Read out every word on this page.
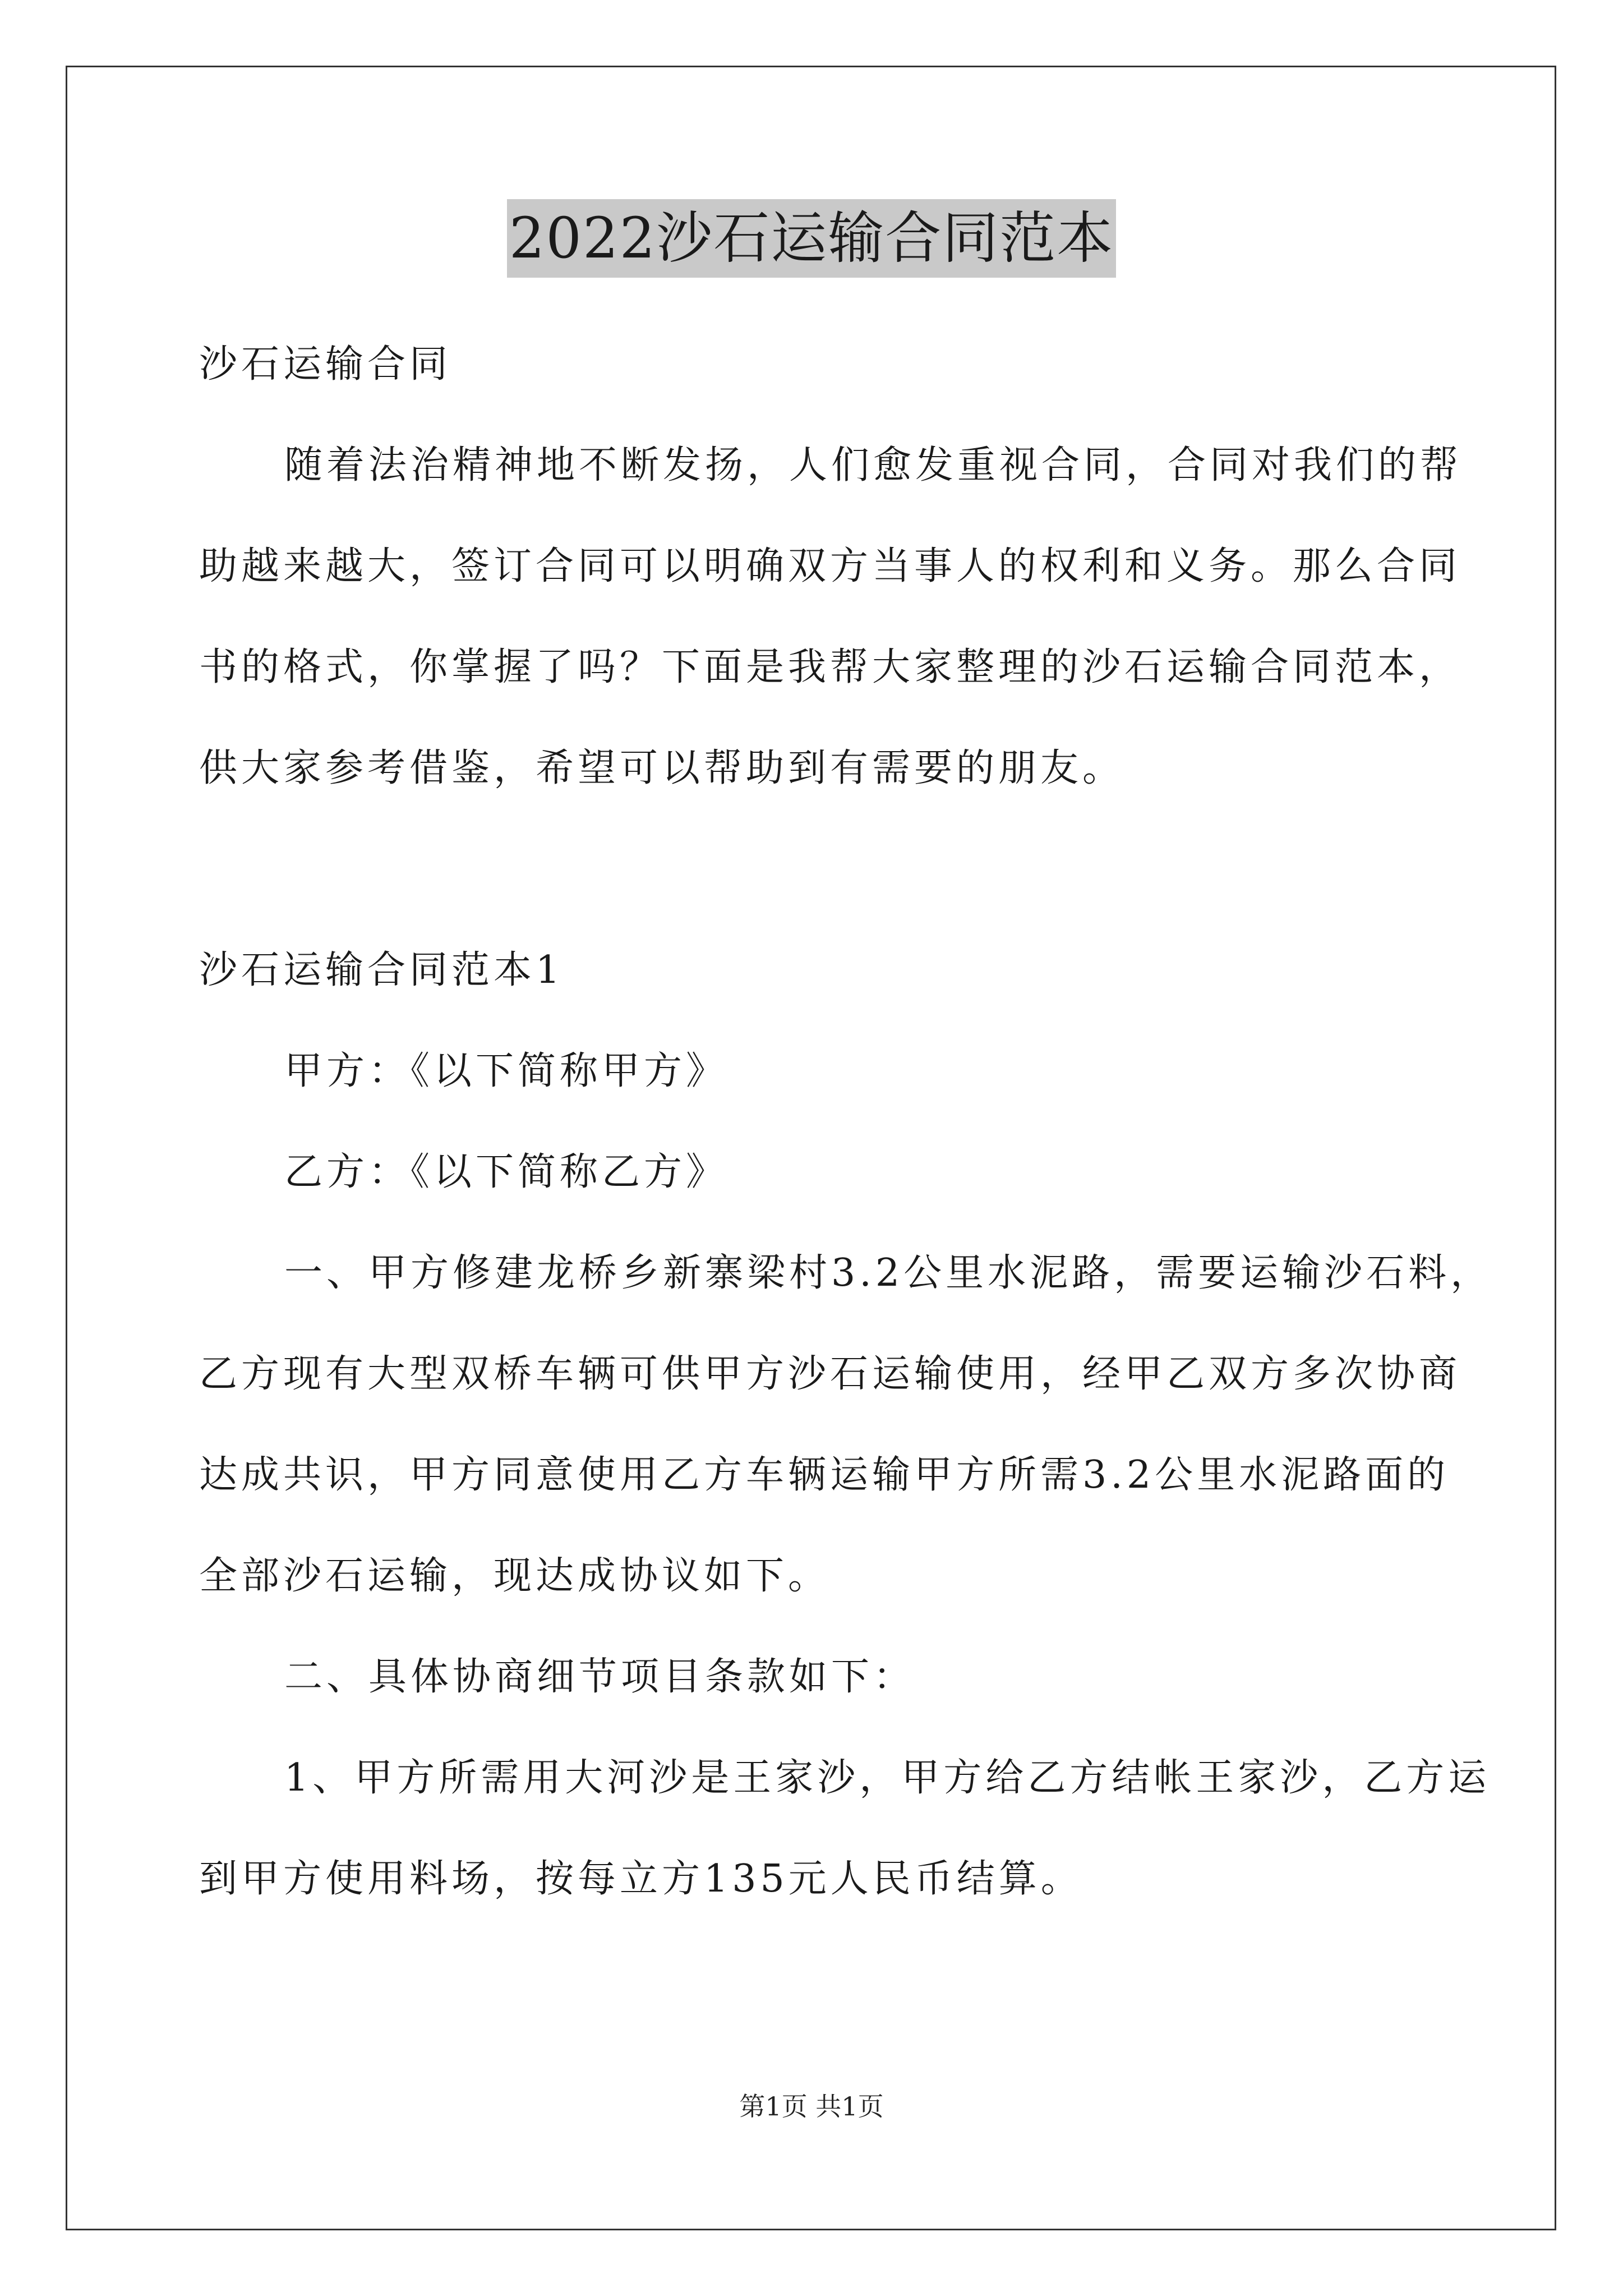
2022沙石运输合同范本
沙石运输合同
随着法治精神地不断发扬，人们愈发重视合同，合同对我们的帮
助越来越大，签订合同可以明确双方当事人的权利和义务。那么合同
书的格式，你掌握了吗？下面是我帮大家整理的沙石运输合同范本，
供大家参考借鉴，希望可以帮助到有需要的朋友。
沙石运输合同范本1
甲方：《以下简称甲方》
乙方：《以下简称乙方》
一、甲方修建龙桥乡新寨梁村3.2公里水泥路，需要运输沙石料，
乙方现有大型双桥车辆可供甲方沙石运输使用，经甲乙双方多次协商
达成共识，甲方同意使用乙方车辆运输甲方所需3.2公里水泥路面的
全部沙石运输，现达成协议如下。
二、具体协商细节项目条款如下：
1、甲方所需用大河沙是王家沙，甲方给乙方结帐王家沙，乙方运
到甲方使用料场，按每立方135元人民币结算。
第1页 共1页
